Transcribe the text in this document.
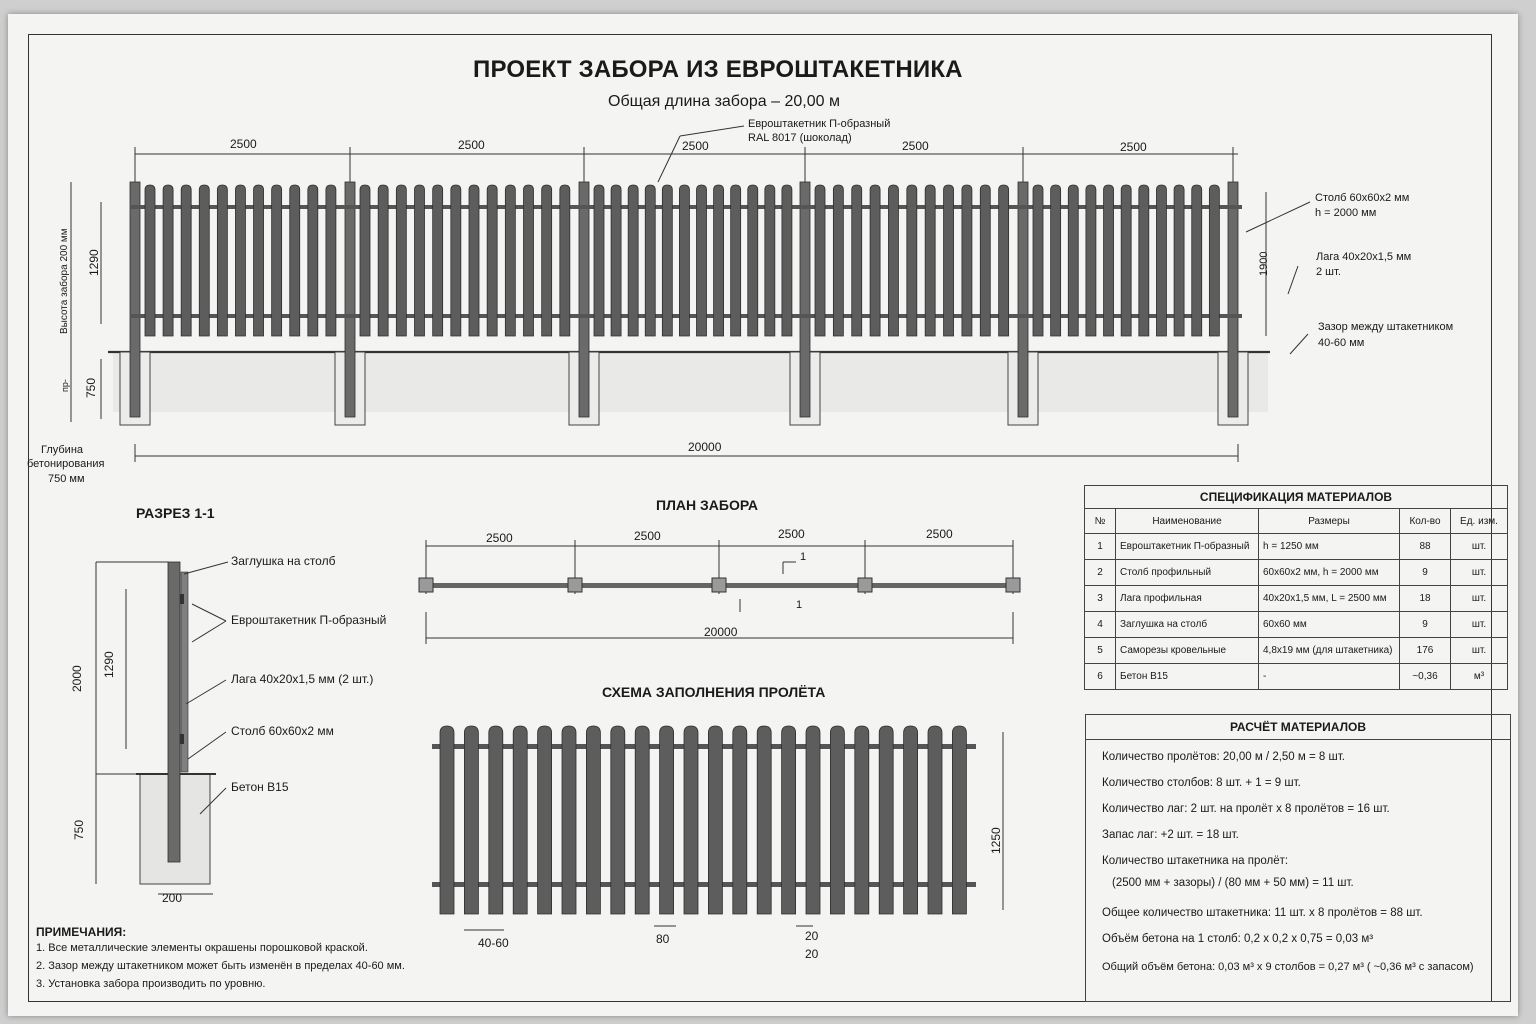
ПРОЕКТ ЗАБОРА ИЗ ЕВРОШТАКЕТНИКА
Общая длина забора – 20,00 м
2500	2500	2500	2500	2500
20000
Евроштакетник П-образный
RAL 8017 (шоколад)
Высота забора 200 мм 1290	1900
750
пр-
Глубина
бетонирования
750 мм
Столб 60х60х2 мм
h = 2000 мм
Лага 40х20х1,5 мм
2 шт.
Зазор между штакетником
40-60 мм
РАЗРЕЗ 1-1
Заглушка на столб
Евроштакетник П-образный
Лага 40х20х1,5 мм (2 шт.)
Столб 60х60х2 мм
Бетон В15
2000
1290
750
200
ПЛАН ЗАБОРА
2500	2500	2500	2500
20000
1
1
СХЕМА ЗАПОЛНЕНИЯ ПРОЛЁТА
1250
40-60	80	20
20
СПЕЦИФИКАЦИЯ МАТЕРИАЛОВ				
№	Наименование	Размеры	Кол-во	Ед. изм.
1	Евроштакетник П-образный	h = 1250 мм	88	шт.
2	Столб профильный	60х60х2 мм, h = 2000 мм	9	шт.
3	Лага профильная	40х20х1,5 мм, L = 2500 мм	18	шт.
4	Заглушка на столб	60х60 мм	9	шт.
5	Саморезы кровельные	4,8х19 мм (для штакетника)	176	шт.
6	Бетон В15	-	~0,36	м³
РАСЧЁТ МАТЕРИАЛОВ
Количество пролётов: 20,00 м / 2,50 м = 8 шт.
Количество столбов: 8 шт. + 1 = 9 шт.
Количество лаг: 2 шт. на пролёт х 8 пролётов = 16 шт.
Запас лаг: +2 шт. = 18 шт.
Количество штакетника на пролёт:
(2500 мм + зазоры) / (80 мм + 50 мм) = 11 шт.
Общее количество штакетника: 11 шт. х 8 пролётов = 88 шт.
Объём бетона на 1 столб: 0,2 х 0,2 х 0,75 = 0,03 м³
Общий объём бетона: 0,03 м³ х 9 столбов = 0,27 м³ ( ~0,36 м³ с запасом)
ПРИМЕЧАНИЯ:
1. Все металлические элементы окрашены порошковой краской.
2. Зазор между штакетником может быть изменён в пределах 40-60 мм.
3. Установка забора производить по уровню.
